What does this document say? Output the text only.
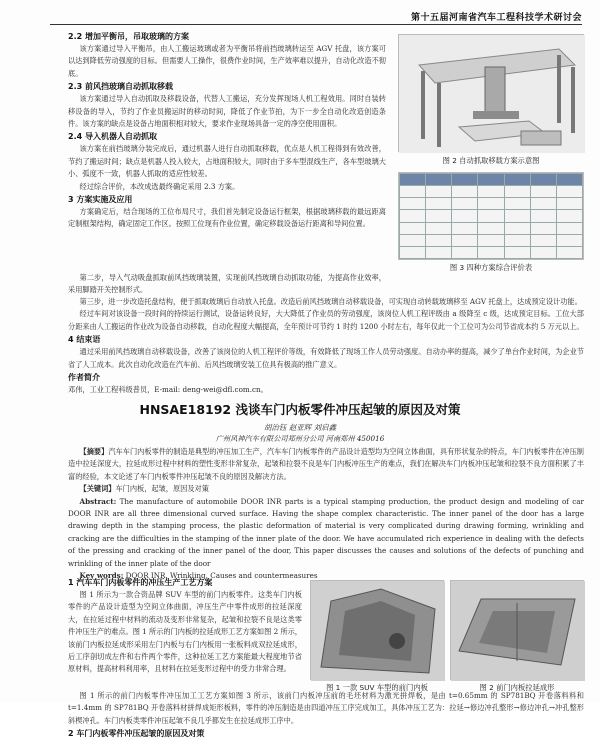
第十五届河南省汽车工程科技学术研讨会
2.2 增加平衡吊，吊取玻璃的方案
该方案通过导入平衡吊，由人工搬运玻璃或者为平衡吊将前挡玻璃转运至 AGV 托盘，该方案可以达到降低劳动强度的目标。但需要人工操作，很费作业时间，生产效率难以提升，自动化改造不彻底。
2.3 前风挡玻璃自动抓取移载
该方案通过导入自动抓取及移载设备，代替人工搬运，充分发挥现场人机工程效用。同时自装转移设备的导入，节约了作业员搬运时的移动时间，降低了作业节拍，为下一步全自动化改造创造条件。该方案的缺点是设备占地面积相对较大，要求作业现场具备一定的净空使用面积。
2.4 导入机器人自动抓取
该方案在前挡玻璃分装完成后，通过机器人进行自动抓取移载，优点是人机工程得到有效改善，节约了搬运时间；缺点是机器人投入较大，占地面积较大，同时由于多车型混线生产，各车型玻璃大小、弧度不一致，机器人抓取的适应性较差。
经过综合评价，本改成选最终确定采用 2.3 方案。
3 方案实施及应用
方案确定后，结合现场的工位布局尺寸，我们首先制定设备运行框架，根据玻璃移载的最远距离定制框架结构，确定固定工作区。按照工位现有作业位置，确定移载设备运行距离和导间位置。
图 2 自动抓取移载方案示意图

图 3 四种方案综合评价表
第二步，导入气动吸盘抓取前风挡玻璃装置，实现前风挡玻璃自动抓取功能，为提高作业效率，采用脚踏开关控制形式。
第三步，进一步改造托盘结构，便于抓取玻璃后自动放入托盘。改造后前风挡玻璃自动移载设备，可实现自动转载玻璃移至 AGV 托盘上，达成预定设计功能。
经过车间对该设备一段时间的持续运行测试，设备运转良好，大大降低了作业员的劳动强度，该岗位人机工程评级由 a 级降至 c 级，达成预定目标。工位大部分距来由人工搬运的作业改为设备自动移载，自动化程度大幅提高，全年预计可节约 1 时约 1200 小时左右，每年仅此一个工位可为公司节省成本约 5 万元以上。
4 结束语
通过采用前风挡玻璃自动移载设备，改善了该岗位的人机工程评价等级，有效降低了现场工作人员劳动强度。自动办率的提高，减少了单台作业时间，为企业节省了人工成本。此次自动化改造在汽车前、后风挡玻璃安装工位具有极高的推广意义。
作者简介
邓伟，工业工程科级普员，E-mail: deng-wei@dfl.com.cn。
HNSAE18192 浅谈车门内板零件冲压起皱的原因及对策
胡治钰 赵亚辉 刘启鑫
广州风神汽车有限公司郑州分公司 河南郑州 450016
【摘要】汽车车门内板零件的制造是典型的冲压加工生产，汽车车门内板零件的产品设计造型均为空间立体曲面，具有形状复杂的特点，车门内板零件在冲压制造中拉延深度大，拉延成形过程中材料的塑性变形非常复杂，起皱和拉裂不良是车门内板冲压生产的难点，我们在解决车门内板冲压起皱和拉裂不良方面积累了丰富的经验，本文论述了车门内板零件冲压起皱不良的原因及解决方法。
【关键词】车门内板，起皱，原因及对策
Abstract: The manufacture of automobile DOOR INR parts is a typical stamping production, the product design and modeling of car DOOR INR are all three dimensional curved surface. Having the shape complex characteristic. The inner panel of the door has a large drawing depth in the stamping process, the plastic deformation of material is very complicated during drawing forming, wrinkling and cracking are the difficulties in the stamping of the inner plate of the door. We have accumulated rich experience in dealing with the defects of the pressing and cracking of the inner panel of the door, This paper discusses the causes and solutions of the defects of punching and wrinkling of the inner plate of the door
Key words: DOOR INR, Wrinkling, Causes and countermeasures
1 汽车车门内板零件的冲压生产工艺方案
图 1 所示为一款合资品牌 SUV 车型的前门内板零件。这类车门内板零件的产品设计造型为空间立体曲面，冲压生产中零件成形的拉延深度大，在拉延过程中材料的流动及变形非常复杂，起皱和拉裂不良是这类零件冲压生产的难点。图 1 所示的门内板的拉延成形工艺方案如图 2 所示，该前门内板拉延成形采用左门内板与右门内板用一张板料成双拉延成形，后工序剖切成左件和右件两个零件，这种拉延工艺方案能最大程度地节省原材料，提高材料利用率，且材料在拉延变形过程中的受力非常合理。
图 1 一款 SUV 车型的前门内板	图 2 前门内板拉延成形
图 1 所示的前门内板零件冲压加工工艺方案如图 3 所示，该前门内板冲压前的毛坯材料为激光拼焊板，是由 t=0.65mm 的 SP781BQ 开卷落料料和 t=1.4mm 的 SP781BQ 开卷落料材拼焊成矩形板料，零件的冲压制造是由四道冲压工序完成加工，具体冲压工艺为：拉延→修边冲孔整形→修边冲孔→冲孔整形斜楔冲孔。车门内板类零件冲压起皱不良几乎都发生在拉延成形工序中。
2 车门内板零件冲压起皱的原因及对策
